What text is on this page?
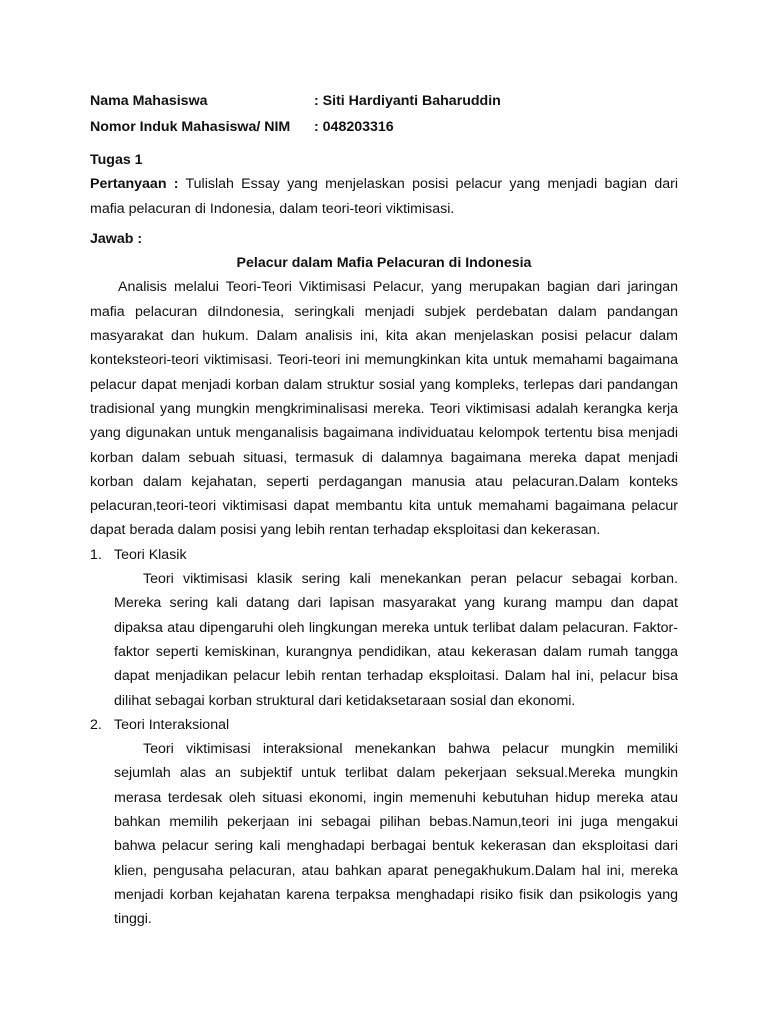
Nama Mahasiswa	: Siti Hardiyanti Baharuddin
Nomor Induk Mahasiswa/ NIM	: 048203316
Tugas 1
Pertanyaan : Tulislah Essay yang menjelaskan posisi pelacur yang menjadi bagian dari mafia pelacuran di Indonesia, dalam teori-teori viktimisasi.
Jawab :
Pelacur dalam Mafia Pelacuran di Indonesia
Analisis melalui Teori-Teori Viktimisasi Pelacur, yang merupakan bagian dari jaringan mafia pelacuran diIndonesia, seringkali menjadi subjek perdebatan dalam pandangan masyarakat dan hukum. Dalam analisis ini, kita akan menjelaskan posisi pelacur dalam konteksteori-teori viktimisasi. Teori-teori ini memungkinkan kita untuk memahami bagaimana pelacur dapat menjadi korban dalam struktur sosial yang kompleks, terlepas dari pandangan tradisional yang mungkin mengkriminalisasi mereka. Teori viktimisasi adalah kerangka kerja yang digunakan untuk menganalisis bagaimana individuatau kelompok tertentu bisa menjadi korban dalam sebuah situasi, termasuk di dalamnya bagaimana mereka dapat menjadi korban dalam kejahatan, seperti perdagangan manusia atau pelacuran.Dalam konteks pelacuran,teori-teori viktimisasi dapat membantu kita untuk memahami bagaimana pelacur dapat berada dalam posisi yang lebih rentan terhadap eksploitasi dan kekerasan.
1. Teori Klasik
Teori viktimisasi klasik sering kali menekankan peran pelacur sebagai korban. Mereka sering kali datang dari lapisan masyarakat yang kurang mampu dan dapat dipaksa atau dipengaruhi oleh lingkungan mereka untuk terlibat dalam pelacuran. Faktor-faktor seperti kemiskinan, kurangnya pendidikan, atau kekerasan dalam rumah tangga dapat menjadikan pelacur lebih rentan terhadap eksploitasi. Dalam hal ini, pelacur bisa dilihat sebagai korban struktural dari ketidaksetaraan sosial dan ekonomi.
2. Teori Interaksional
Teori viktimisasi interaksional menekankan bahwa pelacur mungkin memiliki sejumlah alas an subjektif untuk terlibat dalam pekerjaan seksual.Mereka mungkin merasa terdesak oleh situasi ekonomi, ingin memenuhi kebutuhan hidup mereka atau bahkan memilih pekerjaan ini sebagai pilihan bebas.Namun,teori ini juga mengakui bahwa pelacur sering kali menghadapi berbagai bentuk kekerasan dan eksploitasi dari klien, pengusaha pelacuran, atau bahkan aparat penegakhukum.Dalam hal ini, mereka menjadi korban kejahatan karena terpaksa menghadapi risiko fisik dan psikologis yang tinggi.
